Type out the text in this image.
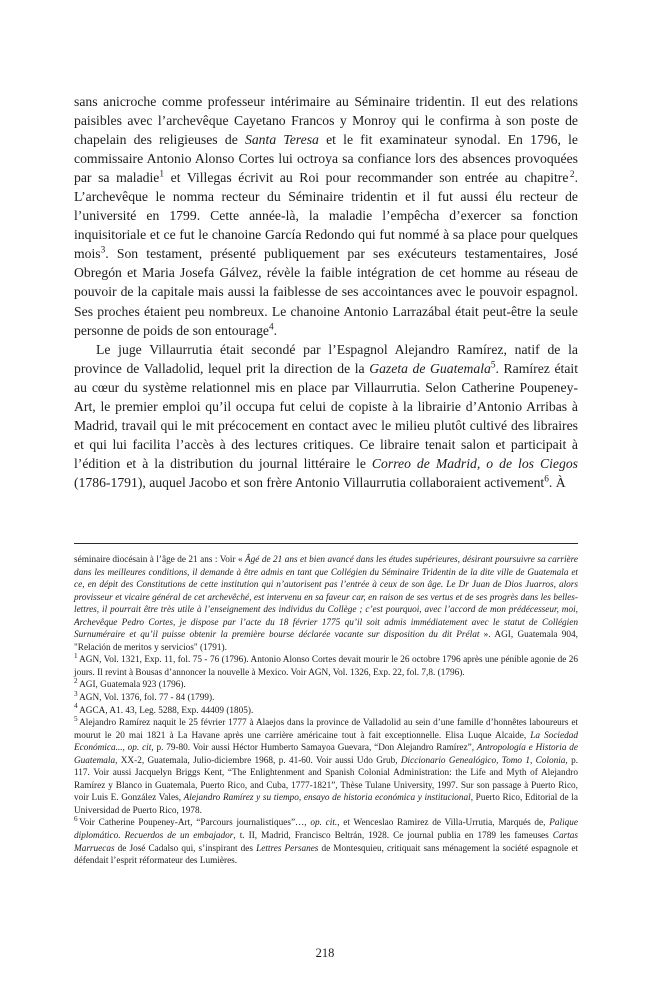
sans anicroche comme professeur intérimaire au Séminaire tridentin. Il eut des relations paisibles avec l’archevêque Cayetano Francos y Monroy qui le confirma à son poste de chapelain des religieuses de Santa Teresa et le fit examinateur synodal. En 1796, le commissaire Antonio Alonso Cortes lui octroya sa confiance lors des absences provoquées par sa maladie$^1$ et Villegas écrivit au Roi pour recommander son entrée au chapitre $^2$. L’archevêque le nomma recteur du Séminaire tridentin et il fut aussi élu recteur de l’université en 1799. Cette année-là, la maladie l’empêcha d’exercer sa fonction inquisitoriale et ce fut le chanoine García Redondo qui fut nommé à sa place pour quelques mois$^3$. Son testament, présenté publiquement par ses exécuteurs testamentaires, José Obregón et Maria Josefa Gálvez, révèle la faible intégration de cet homme au réseau de pouvoir de la capitale mais aussi la faiblesse de ses accointances avec le pouvoir espagnol. Ses proches étaient peu nombreux. Le chanoine Antonio Larrazábal était peut-être la seule personne de poids de son entourage$^4$.

Le juge Villaurrutia était secondé par l’Espagnol Alejandro Ramírez, natif de la province de Valladolid, lequel prit la direction de la Gazeta de Guatemala$^5$. Ramírez était au cœur du système relationnel mis en place par Villaurrutia. Selon Catherine Poupeney-Art, le premier emploi qu’il occupa fut celui de copiste à la librairie d’Antonio Arribas à Madrid, travail qui le mit précocement en contact avec le milieu plutôt cultivé des libraires et qui lui facilita l’accès à des lectures critiques. Ce libraire tenait salon et participait à l’édition et à la distribution du journal littéraire le Correo de Madrid, o de los Ciegos (1786-1791), auquel Jacobo et son frère Antonio Villaurrutia collaboraient activement$^6$. À

séminaire diocésain à l’âge de 21 ans : Voir « Âgé de 21 ans et bien avancé dans les études supérieures, désirant poursuivre sa carrière dans les meilleures conditions, il demande à être admis en tant que Collégien du Séminaire Tridentin de la dite ville de Guatemala et ce, en dépit des Constitutions de cette institution qui n’autorisent pas l’entrée à ceux de son âge. Le Dr Juan de Dios Juarros, alors provisseur et vicaire général de cet archevêché, est intervenu en sa faveur car, en raison de ses vertus et de ses progrès dans les belles-lettres, il pourrait être très utile à l’enseignement des individus du Collège ; c’est pourquoi, avec l’accord de mon prédécesseur, moi, Archevêque Pedro Cortes, je dispose par l’acte du 18 février 1775 qu’il soit admis immédiatement avec le statut de Collégien Surnuméraire et qu’il puisse obtenir la première bourse déclarée vacante sur disposition du dit Prélat ». AGI, Guatemala 904, "Relación de meritos y servicios" (1791).

$^1$ AGN, Vol. 1321, Exp. 11, fol. 75 - 76 (1796). Antonio Alonso Cortes devait mourir le 26 octobre 1796 après une pénible agonie de 26 jours. Il revint à Bousas d’annoncer la nouvelle à Mexico. Voir AGN, Vol. 1326, Exp. 22, fol. 7,8. (1796).

$^2$ AGI, Guatemala 923 (1796).

$^3$ AGN, Vol. 1376, fol. 77 - 84 (1799).

$^4$ AGCA, A1. 43, Leg. 5288, Exp. 44409 (1805).

$^5$ Alejandro Ramírez naquit le 25 février 1777 à Alaejos dans la province de Valladolid au sein d’une famille d’honnêtes laboureurs et mourut le 20 mai 1821 à La Havane après une carrière américaine tout à fait exceptionnelle. Elisa Luque Alcaide, La Sociedad Económica..., op. cit, p. 79-80. Voir aussi Héctor Humberto Samayoa Guevara, “Don Alejandro Ramírez”, Antropología e Historia de Guatemala, XX-2, Guatemala, Julio-diciembre 1968, p. 41-60. Voir aussi Udo Grub, Diccionario Genealógico, Tomo 1, Colonia, p. 117. Voir aussi Jacquelyn Briggs Kent, “The Enlightenment and Spanish Colonial Administration: the Life and Myth of Alejandro Ramírez y Blanco in Guatemala, Puerto Rico, and Cuba, 1777-1821”, Thèse Tulane University, 1997. Sur son passage à Puerto Rico, voir Luis E. González Vales, Alejandro Ramírez y su tiempo, ensayo de historia económica y institucional, Puerto Rico, Editorial de la Universidad de Puerto Rico, 1978.

$^6$ Voir Catherine Poupeney-Art, “Parcours journalistiques”…, op. cit., et Wenceslao Ramirez de Villa-Urrutia, Marqués de, Palique diplomático. Recuerdos de un embajador, t. II, Madrid, Francisco Beltrán, 1928. Ce journal publia en 1789 les fameuses Cartas Marruecas de José Cadalso qui, s’inspirant des Lettres Persanes de Montesquieu, critiquait sans ménagement la société espagnole et défendait l’esprit réformateur des Lumières.

218
